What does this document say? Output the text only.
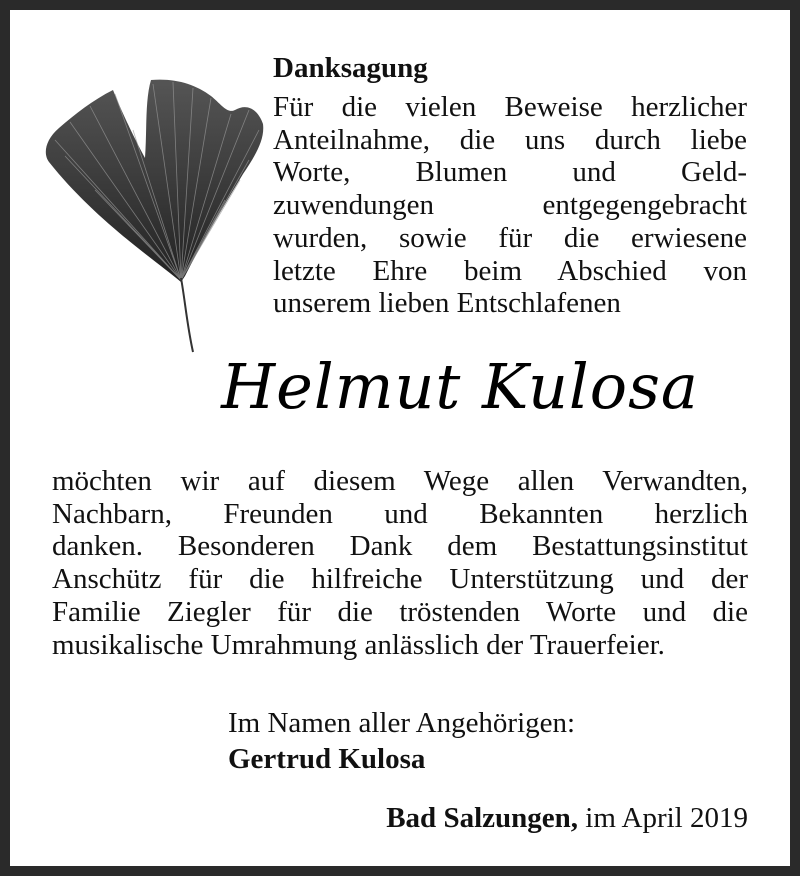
Danksagung
Für die vielen Beweise herzlicher
Anteilnahme, die uns durch liebe
Worte, Blumen und Geld-
zuwendungen entgegengebracht
wurden, sowie für die erwiesene
letzte Ehre beim Abschied von
unserem lieben Entschlafenen
Helmut Kulosa
möchten wir auf diesem Wege allen Verwandten,
Nachbarn, Freunden und Bekannten herzlich
danken. Besonderen Dank dem Bestattungsinstitut
Anschütz für die hilfreiche Unterstützung und der
Familie Ziegler für die tröstenden Worte und die
musikalische Umrahmung anlässlich der Trauerfeier.
Im Namen aller Angehörigen:
Gertrud Kulosa
Bad Salzungen, im April 2019
